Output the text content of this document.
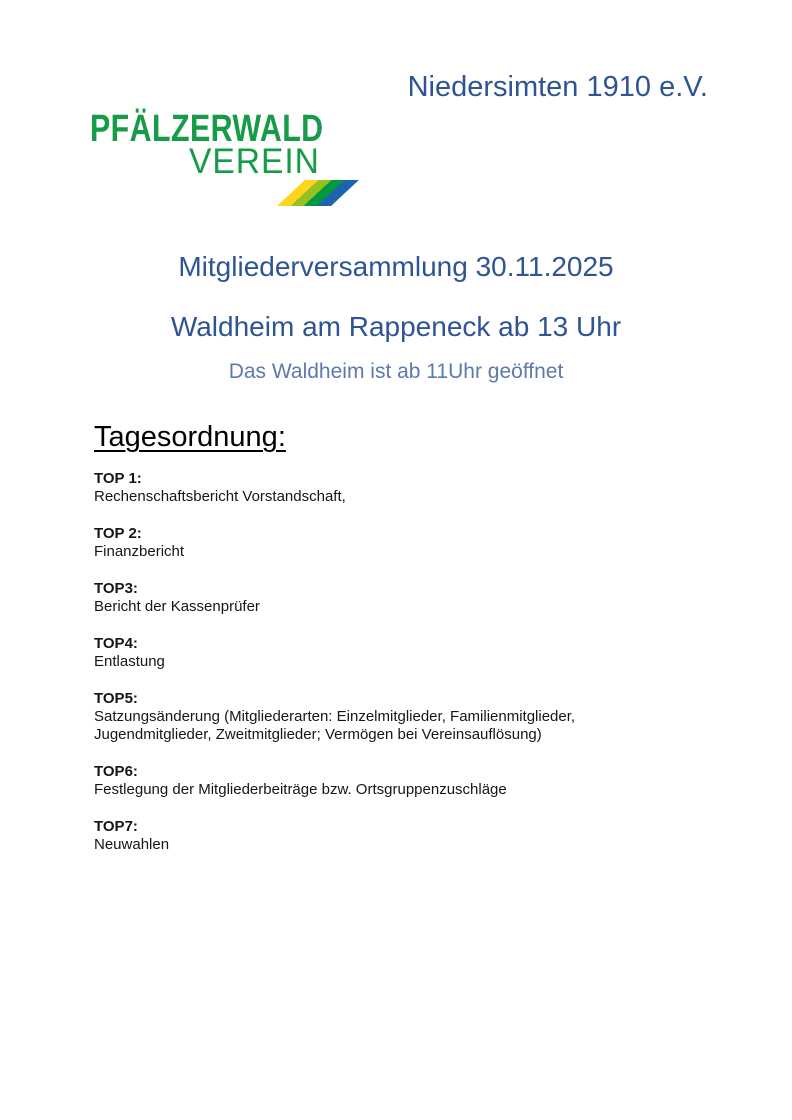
Niedersimten 1910 e.V.
PFÄLZERWALD
VEREIN
Mitgliederversammlung 30.11.2025
Waldheim am Rappeneck ab 13 Uhr
Das Waldheim ist ab 11Uhr geöffnet
Tagesordnung:
TOP 1:
Rechenschaftsbericht Vorstandschaft,
TOP 2:
Finanzbericht
TOP3:
Bericht der Kassenprüfer
TOP4:
Entlastung
TOP5:
Satzungsänderung (Mitgliederarten: Einzelmitglieder, Familienmitglieder, Jugendmitglieder, Zweitmitglieder; Vermögen bei Vereinsauflösung)
TOP6:
Festlegung der Mitgliederbeiträge bzw. Ortsgruppenzuschläge
TOP7:
Neuwahlen
